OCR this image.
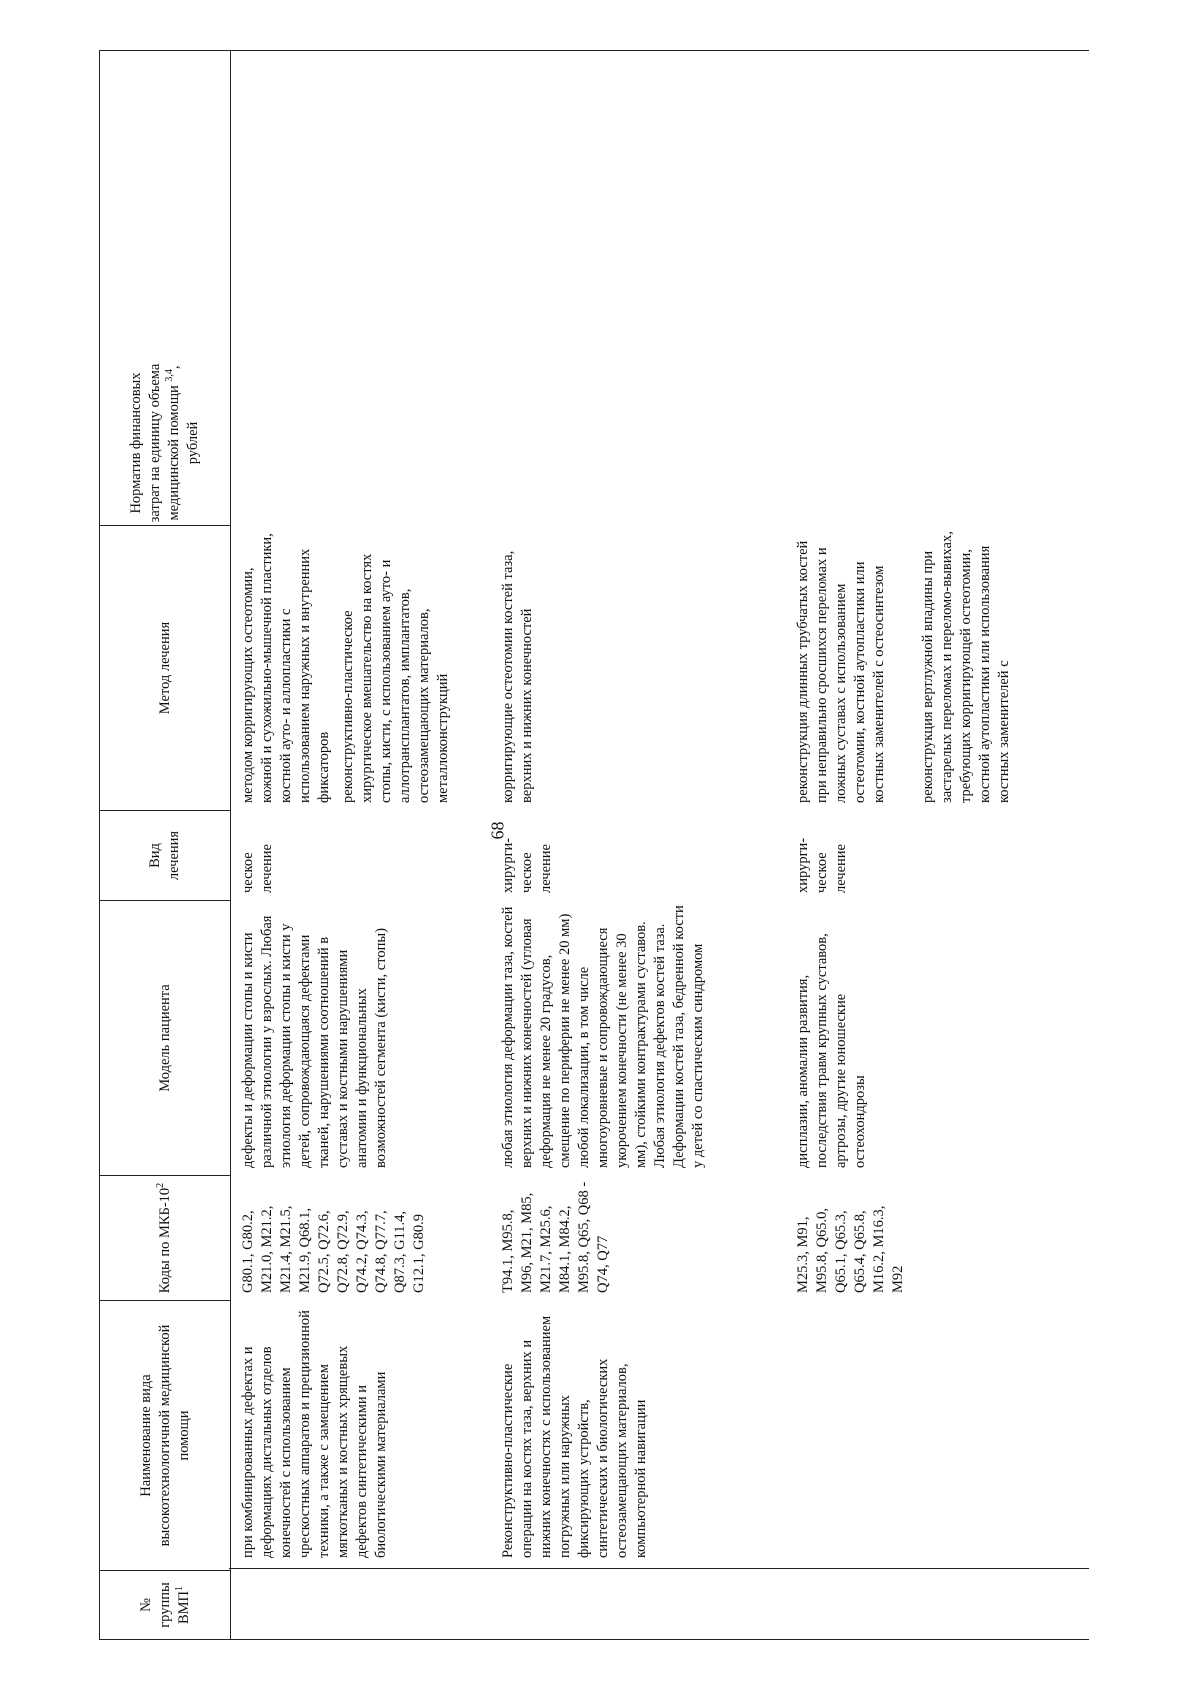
68
№ группы ВМП$^1$
Наименование вида высокотехнологичной медицинской помощи
Коды по МКБ-$10^2$
Модель пациента
Вид лечения
Метод лечения
Норматив финансовых затрат на единицу объема медицинской помощи $^{3,4}$, рублей
при комбинированных дефектах и деформациях дистальных отделов конечностей с использованием чрескостных аппаратов и прецизионной техники, а также с замещением мягкотканых и костных хрящевых дефектов синтетическими и биологическими материалами
G80.1, G80.2, M21.0, M21.2, M21.4, M21.5, M21.9, Q68.1, Q72.5, Q72.6, Q72.8, Q72.9, Q74.2, Q74.3, Q74.8, Q77.7, Q87.3, G11.4, G12.1, G80.9
дефекты и деформации стопы и кисти различной этиологии у взрослых. Любая этиология деформации стопы и кисти у детей, сопровождающаяся дефектами тканей, нарушениями соотношений в суставах и костными нарушениями анатомии и функциональных возможностей сегмента (кисти, стопы)
ческое лечение
методом корригирующих остеотомии, кожной и сухожильно-мышечной пластики, костной ауто- и аллопластики с использованием наружных и внутренних фиксаторов реконструктивно-пластическое хирургическое вмешательство на костях стопы, кисти, с использованием ауто- и аллотрансплантатов, имплантатов, остеозамещающих материалов, металлоконструкций
Реконструктивно-пластические операции на костях таза, верхних и нижних конечностях с использованием погружных или наружных фиксирующих устройств, синтетических и биологических остеозамещающих материалов, компьютерной навигации
T94.1, M95.8, M96, M21, M85, M21.7, M25.6, M84.1, M84.2, M95.8, Q65, Q68 - Q74, Q77
любая этиология деформации таза, костей верхних и нижних конечностей (угловая деформация не менее 20 градусов, смещение по периферии не менее 20 мм) любой локализации, в том числе многоуровневые и сопровождающиеся укорочением конечности (не менее 30 мм), стойкими контрактурами суставов. Любая этиология дефектов костей таза. Деформации костей таза, бедренной кости у детей со спастическим синдромом
хирурги-ческое лечение
корригирующие остеотомии костей таза, верхних и нижних конечностей
M25.3, M91, M95.8, Q65.0, Q65.1, Q65.3, Q65.4, Q65.8, M16.2, M16.3, M92
дисплазии, аномалии развития, последствия травм крупных суставов, артрозы, другие юношеские остеохондрозы
хирурги-ческое лечение
реконструкция длинных трубчатых костей при неправильно сросшихся переломах и ложных суставах с использованием остеотомии, костной аутопластики или костных заменителей с остеосинтезом реконструкция вертлужной впадины при застарелых переломах и переломо-вывихах, требующих корригирующей остеотомии, костной аутопластики или использования костных заменителей с
